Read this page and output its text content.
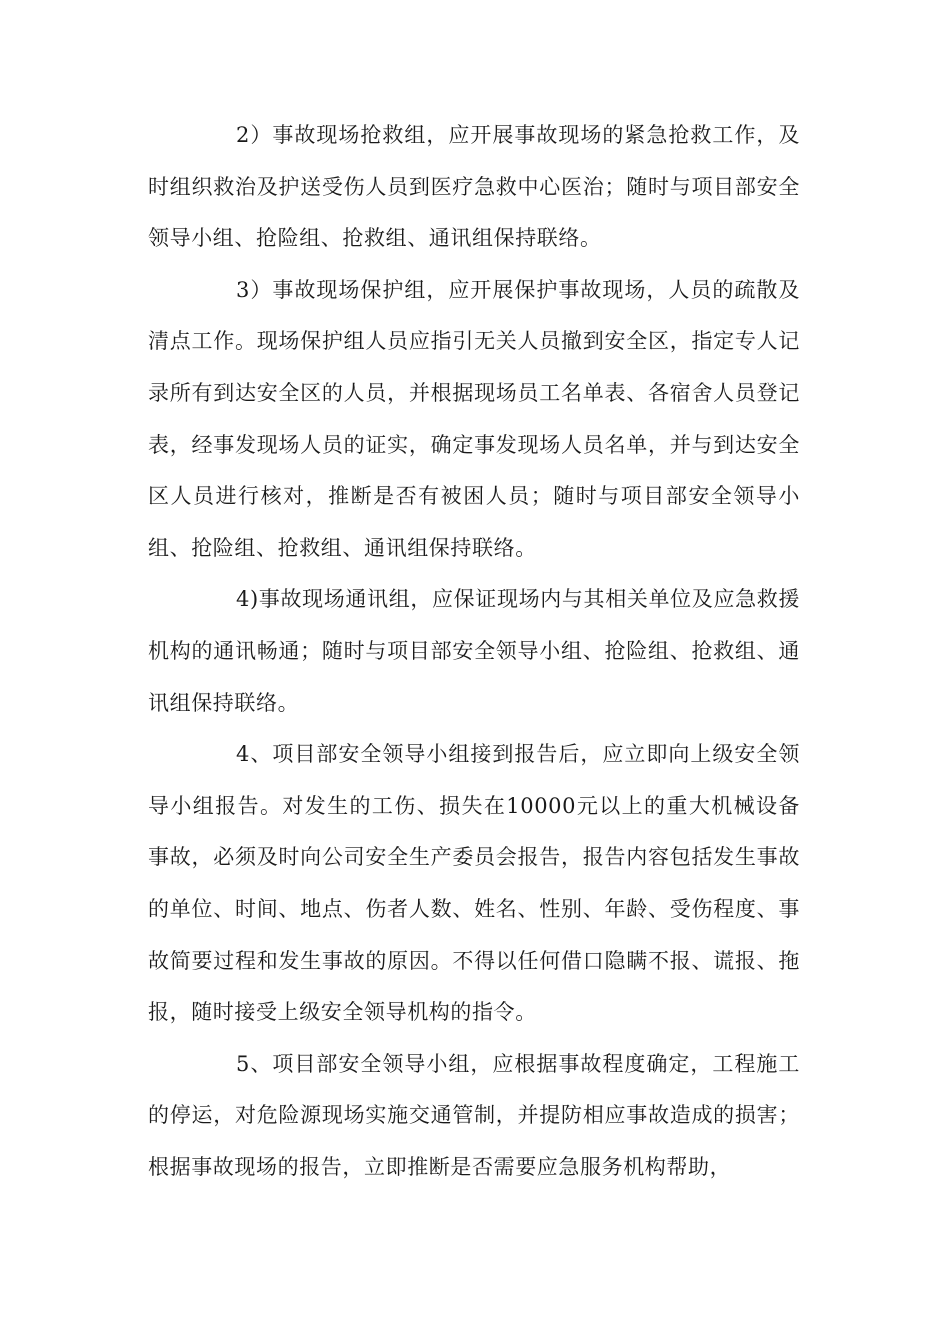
2）事故现场抢救组，应开展事故现场的紧急抢救工作，及时组织救治及护送受伤人员到医疗急救中心医治；随时与项目部安全领导小组、抢险组、抢救组、通讯组保持联络。

3）事故现场保护组，应开展保护事故现场，人员的疏散及清点工作。现场保护组人员应指引无关人员撤到安全区，指定专人记录所有到达安全区的人员，并根据现场员工名单表、各宿舍人员登记表，经事发现场人员的证实，确定事发现场人员名单，并与到达安全区人员进行核对，推断是否有被困人员；随时与项目部安全领导小组、抢险组、抢救组、通讯组保持联络。

4)事故现场通讯组，应保证现场内与其相关单位及应急救援机构的通讯畅通；随时与项目部安全领导小组、抢险组、抢救组、通讯组保持联络。

4、项目部安全领导小组接到报告后，应立即向上级安全领导小组报告。对发生的工伤、损失在10000元以上的重大机械设备事故，必须及时向公司安全生产委员会报告，报告内容包括发生事故的单位、时间、地点、伤者人数、姓名、性别、年龄、受伤程度、事故简要过程和发生事故的原因。不得以任何借口隐瞒不报、谎报、拖报，随时接受上级安全领导机构的指令。

5、项目部安全领导小组，应根据事故程度确定，工程施工的停运，对危险源现场实施交通管制，并提防相应事故造成的损害；根据事故现场的报告，立即推断是否需要应急服务机构帮助，
